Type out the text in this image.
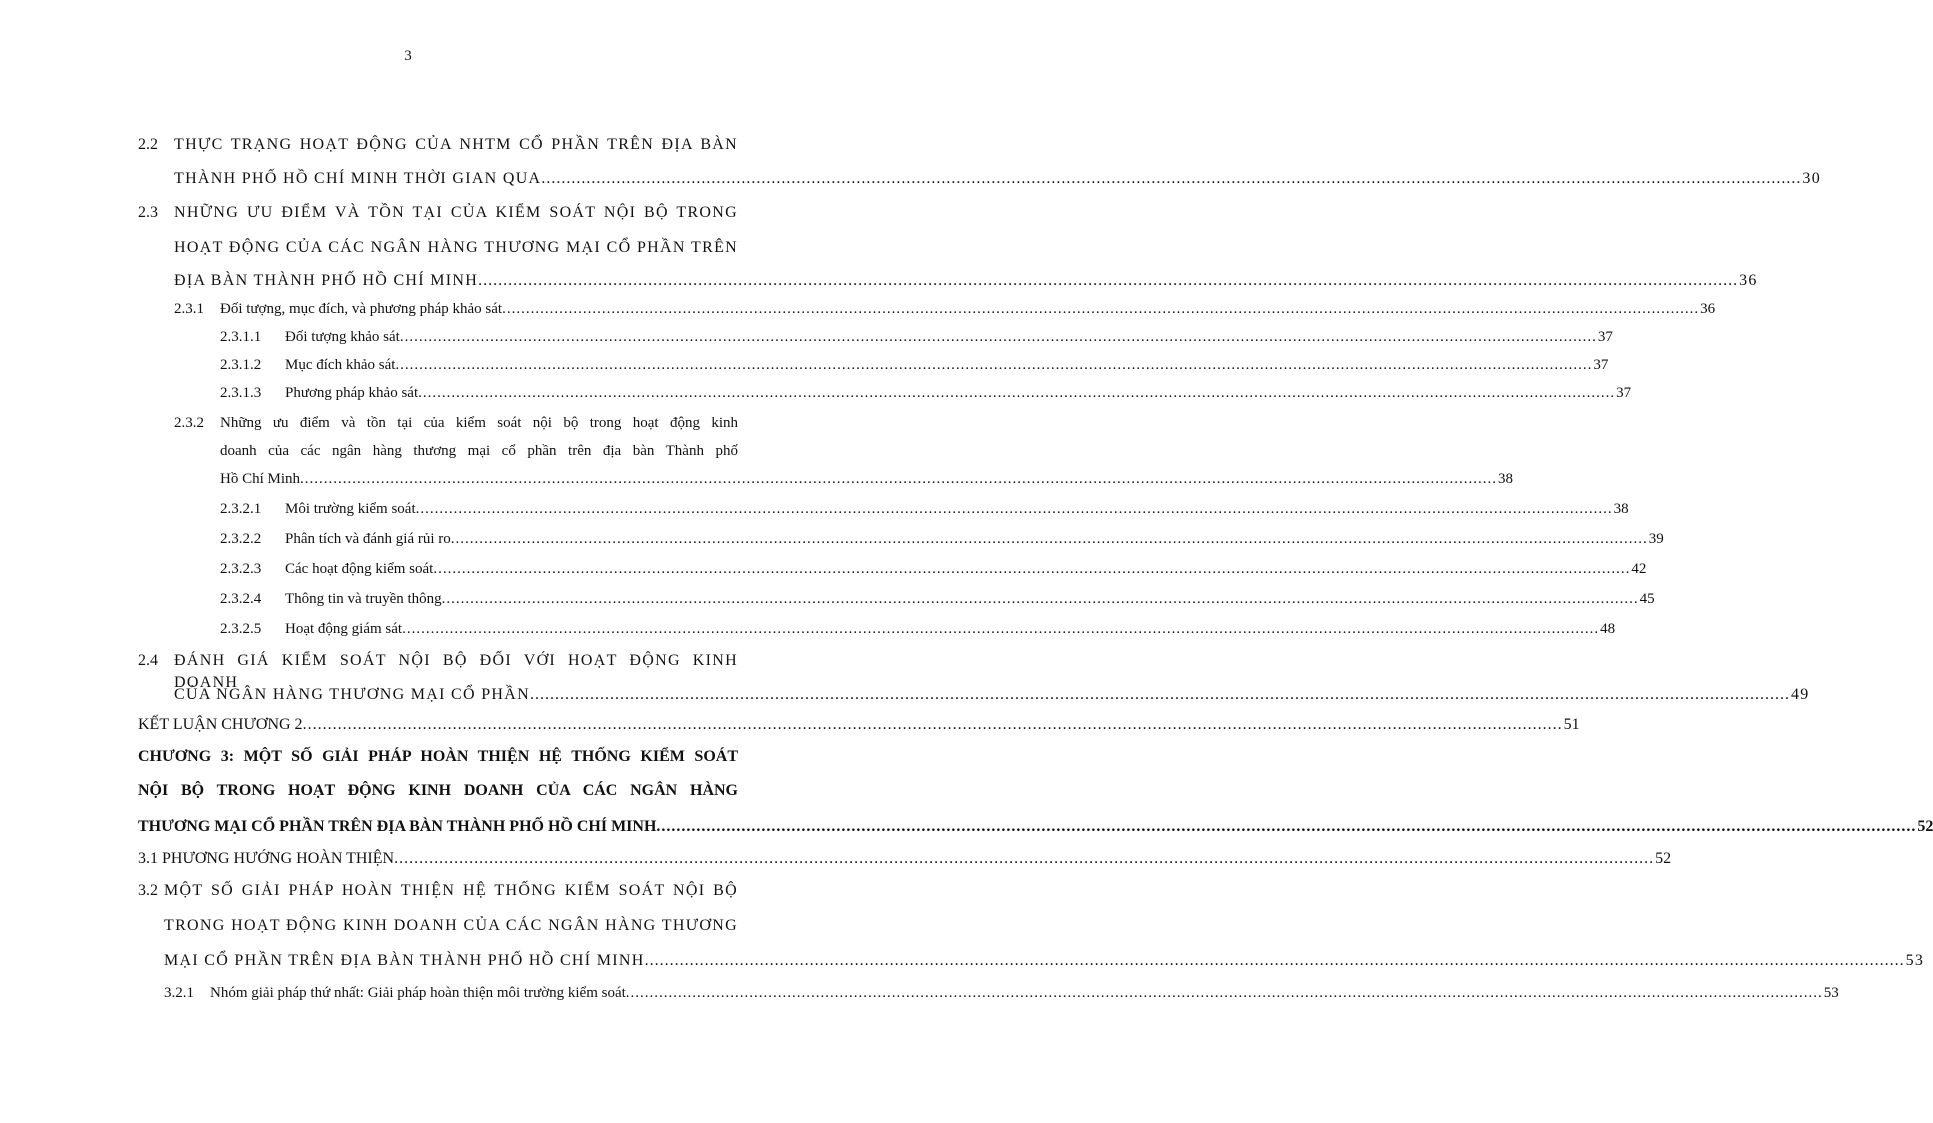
3
2.2 THỰC TRẠNG HOẠT ĐỘNG CỦA NHTM CỔ PHẦN TRÊN ĐỊA BÀN
THÀNH PHỐ HỒ CHÍ MINH THỜI GIAN QUA ............................................................................................................................................................................................................................................................ 30
2.3 NHỮNG ƯU ĐIỂM VÀ TỒN TẠI CỦA KIỂM SOÁT NỘI BỘ TRONG
HOẠT ĐỘNG CỦA CÁC NGÂN HÀNG THƯƠNG MẠI CỔ PHẦN TRÊN
ĐỊA BÀN THÀNH PHỐ HỒ CHÍ MINH ............................................................................................................................................................................................................................................................ 36
2.3.1 Đối tượng, mục đích, và phương pháp khảo sát ............................................................................................................................................................................................................................................................ 36
2.3.1.1 Đối tượng khảo sát ............................................................................................................................................................................................................................................................ 37
2.3.1.2 Mục đích khảo sát ............................................................................................................................................................................................................................................................ 37
2.3.1.3 Phương pháp khảo sát ............................................................................................................................................................................................................................................................ 37
2.3.2 Những ưu điểm và tồn tại của kiểm soát nội bộ trong hoạt động kinh
doanh của các ngân hàng thương mại cổ phần trên địa bàn Thành phố
Hồ Chí Minh ............................................................................................................................................................................................................................................................ 38
2.3.2.1 Môi trường kiểm soát ............................................................................................................................................................................................................................................................ 38
2.3.2.2 Phân tích và đánh giá rủi ro ............................................................................................................................................................................................................................................................ 39
2.3.2.3 Các hoạt động kiểm soát ............................................................................................................................................................................................................................................................ 42
2.3.2.4 Thông tin và truyền thông ............................................................................................................................................................................................................................................................ 45
2.3.2.5 Hoạt động giám sát ............................................................................................................................................................................................................................................................ 48
2.4 ĐÁNH GIÁ KIỂM SOÁT NỘI BỘ ĐỐI VỚI HOẠT ĐỘNG KINH DOANH
CỦA NGÂN HÀNG THƯƠNG MẠI CỔ PHẦN ............................................................................................................................................................................................................................................................ 49
KẾT LUẬN CHƯƠNG 2 ............................................................................................................................................................................................................................................................ 51
CHƯƠNG 3: MỘT SỐ GIẢI PHÁP HOÀN THIỆN HỆ THỐNG KIỂM SOÁT
NỘI BỘ TRONG HOẠT ĐỘNG KINH DOANH CỦA CÁC NGÂN HÀNG
THƯƠNG MẠI CỔ PHẦN TRÊN ĐỊA BÀN THÀNH PHỐ HỒ CHÍ MINH ............................................................................................................................................................................................................................................................ 52
3.1 PHƯƠNG HƯỚNG HOÀN THIỆN ............................................................................................................................................................................................................................................................ 52
3.2 MỘT SỐ GIẢI PHÁP HOÀN THIỆN HỆ THỐNG KIỂM SOÁT NỘI BỘ
TRONG HOẠT ĐỘNG KINH DOANH CỦA CÁC NGÂN HÀNG THƯƠNG
MẠI CỔ PHẦN TRÊN ĐỊA BÀN THÀNH PHỐ HỒ CHÍ MINH ............................................................................................................................................................................................................................................................ 53
3.2.1 Nhóm giải pháp thứ nhất: Giải pháp hoàn thiện môi trường kiểm soát ............................................................................................................................................................................................................................................................ 53
